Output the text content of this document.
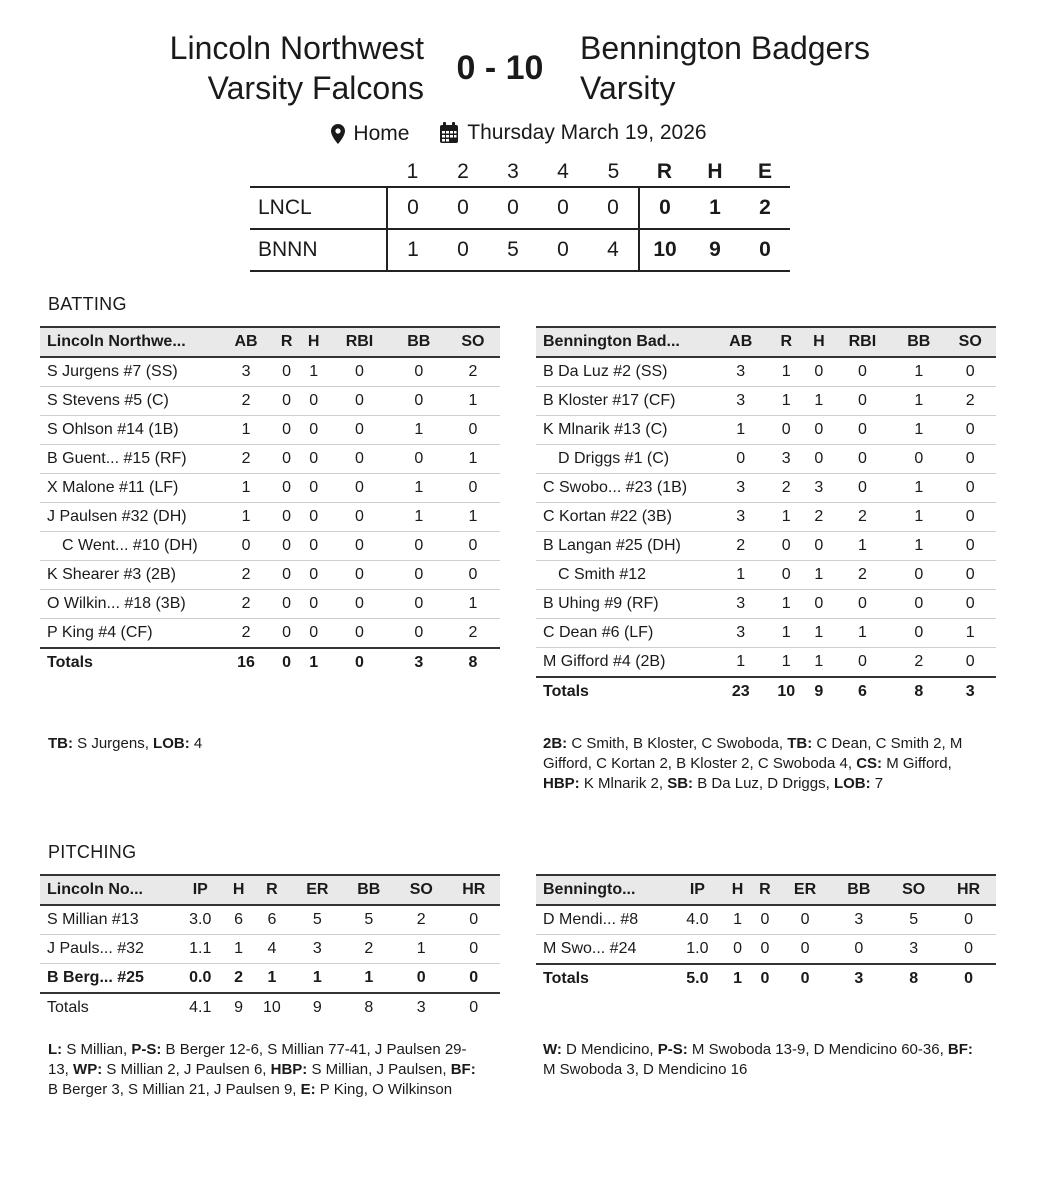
Lincoln Northwest
Varsity Falcons
0 - 10
Bennington Badgers
Varsity
Home
	Thursday March 19, 2026
	1	2	3	4	5	R	H	E
LNCL	0	0	0	0	0	0	1	2
BNNN	1	0	5	0	4	10	9	0
BATTING
Lincoln Northwe...	AB	R	H	RBI	BB	SO
S Jurgens #7 (SS)	3	0	1	0	0	2
S Stevens #5 (C)	2	0	0	0	0	1
S Ohlson #14 (1B)	1	0	0	0	1	0
B Guent... #15 (RF)	2	0	0	0	0	1
X Malone #11 (LF)	1	0	0	0	1	0
J Paulsen #32 (DH)	1	0	0	0	1	1
C Went... #10 (DH)	0	0	0	0	0	0
K Shearer #3 (2B)	2	0	0	0	0	0
O Wilkin... #18 (3B)	2	0	0	0	0	1
P King #4 (CF)	2	0	0	0	0	2
Totals	16	0	1	0	3	8
Bennington Bad...	AB	R	H	RBI	BB	SO
B Da Luz #2 (SS)	3	1	0	0	1	0
B Kloster #17 (CF)	3	1	1	0	1	2
K Mlnarik #13 (C)	1	0	0	0	1	0
D Driggs #1 (C)	0	3	0	0	0	0
C Swobo... #23 (1B)	3	2	3	0	1	0
C Kortan #22 (3B)	3	1	2	2	1	0
B Langan #25 (DH)	2	0	0	1	1	0
C Smith #12	1	0	1	2	0	0
B Uhing #9 (RF)	3	1	0	0	0	0
C Dean #6 (LF)	3	1	1	1	0	1
M Gifford #4 (2B)	1	1	1	0	2	0
Totals	23	10	9	6	8	3
TB: S Jurgens, LOB: 4	2B: C Smith, B Kloster, C Swoboda, TB: C Dean, C Smith 2, M Gifford, C Kortan 2, B Kloster 2, C Swoboda 4, CS: M Gifford, HBP: K Mlnarik 2, SB: B Da Luz, D Driggs, LOB: 7
PITCHING
Lincoln No...	IP	H	R	ER	BB	SO	HR
S Millian #13	3.0	6	6	5	5	2	0
J Pauls... #32	1.1	1	4	3	2	1	0
B Berg... #25	0.0	2	1	1	1	0	0
Totals	4.1	9	10	9	8	3	0
Benningto...	IP	H	R	ER	BB	SO	HR
D Mendi... #8	4.0	1	0	0	3	5	0
M Swo... #24	1.0	0	0	0	0	3	0
Totals	5.0	1	0	0	3	8	0
L: S Millian, P-S: B Berger 12-6, S Millian 77-41, J Paulsen 29-13, WP: S Millian 2, J Paulsen 6, HBP: S Millian, J Paulsen, BF: B Berger 3, S Millian 21, J Paulsen 9, E: P King, O Wilkinson
W: D Mendicino, P-S: M Swoboda 13-9, D Mendicino 60-36, BF: M Swoboda 3, D Mendicino 16
